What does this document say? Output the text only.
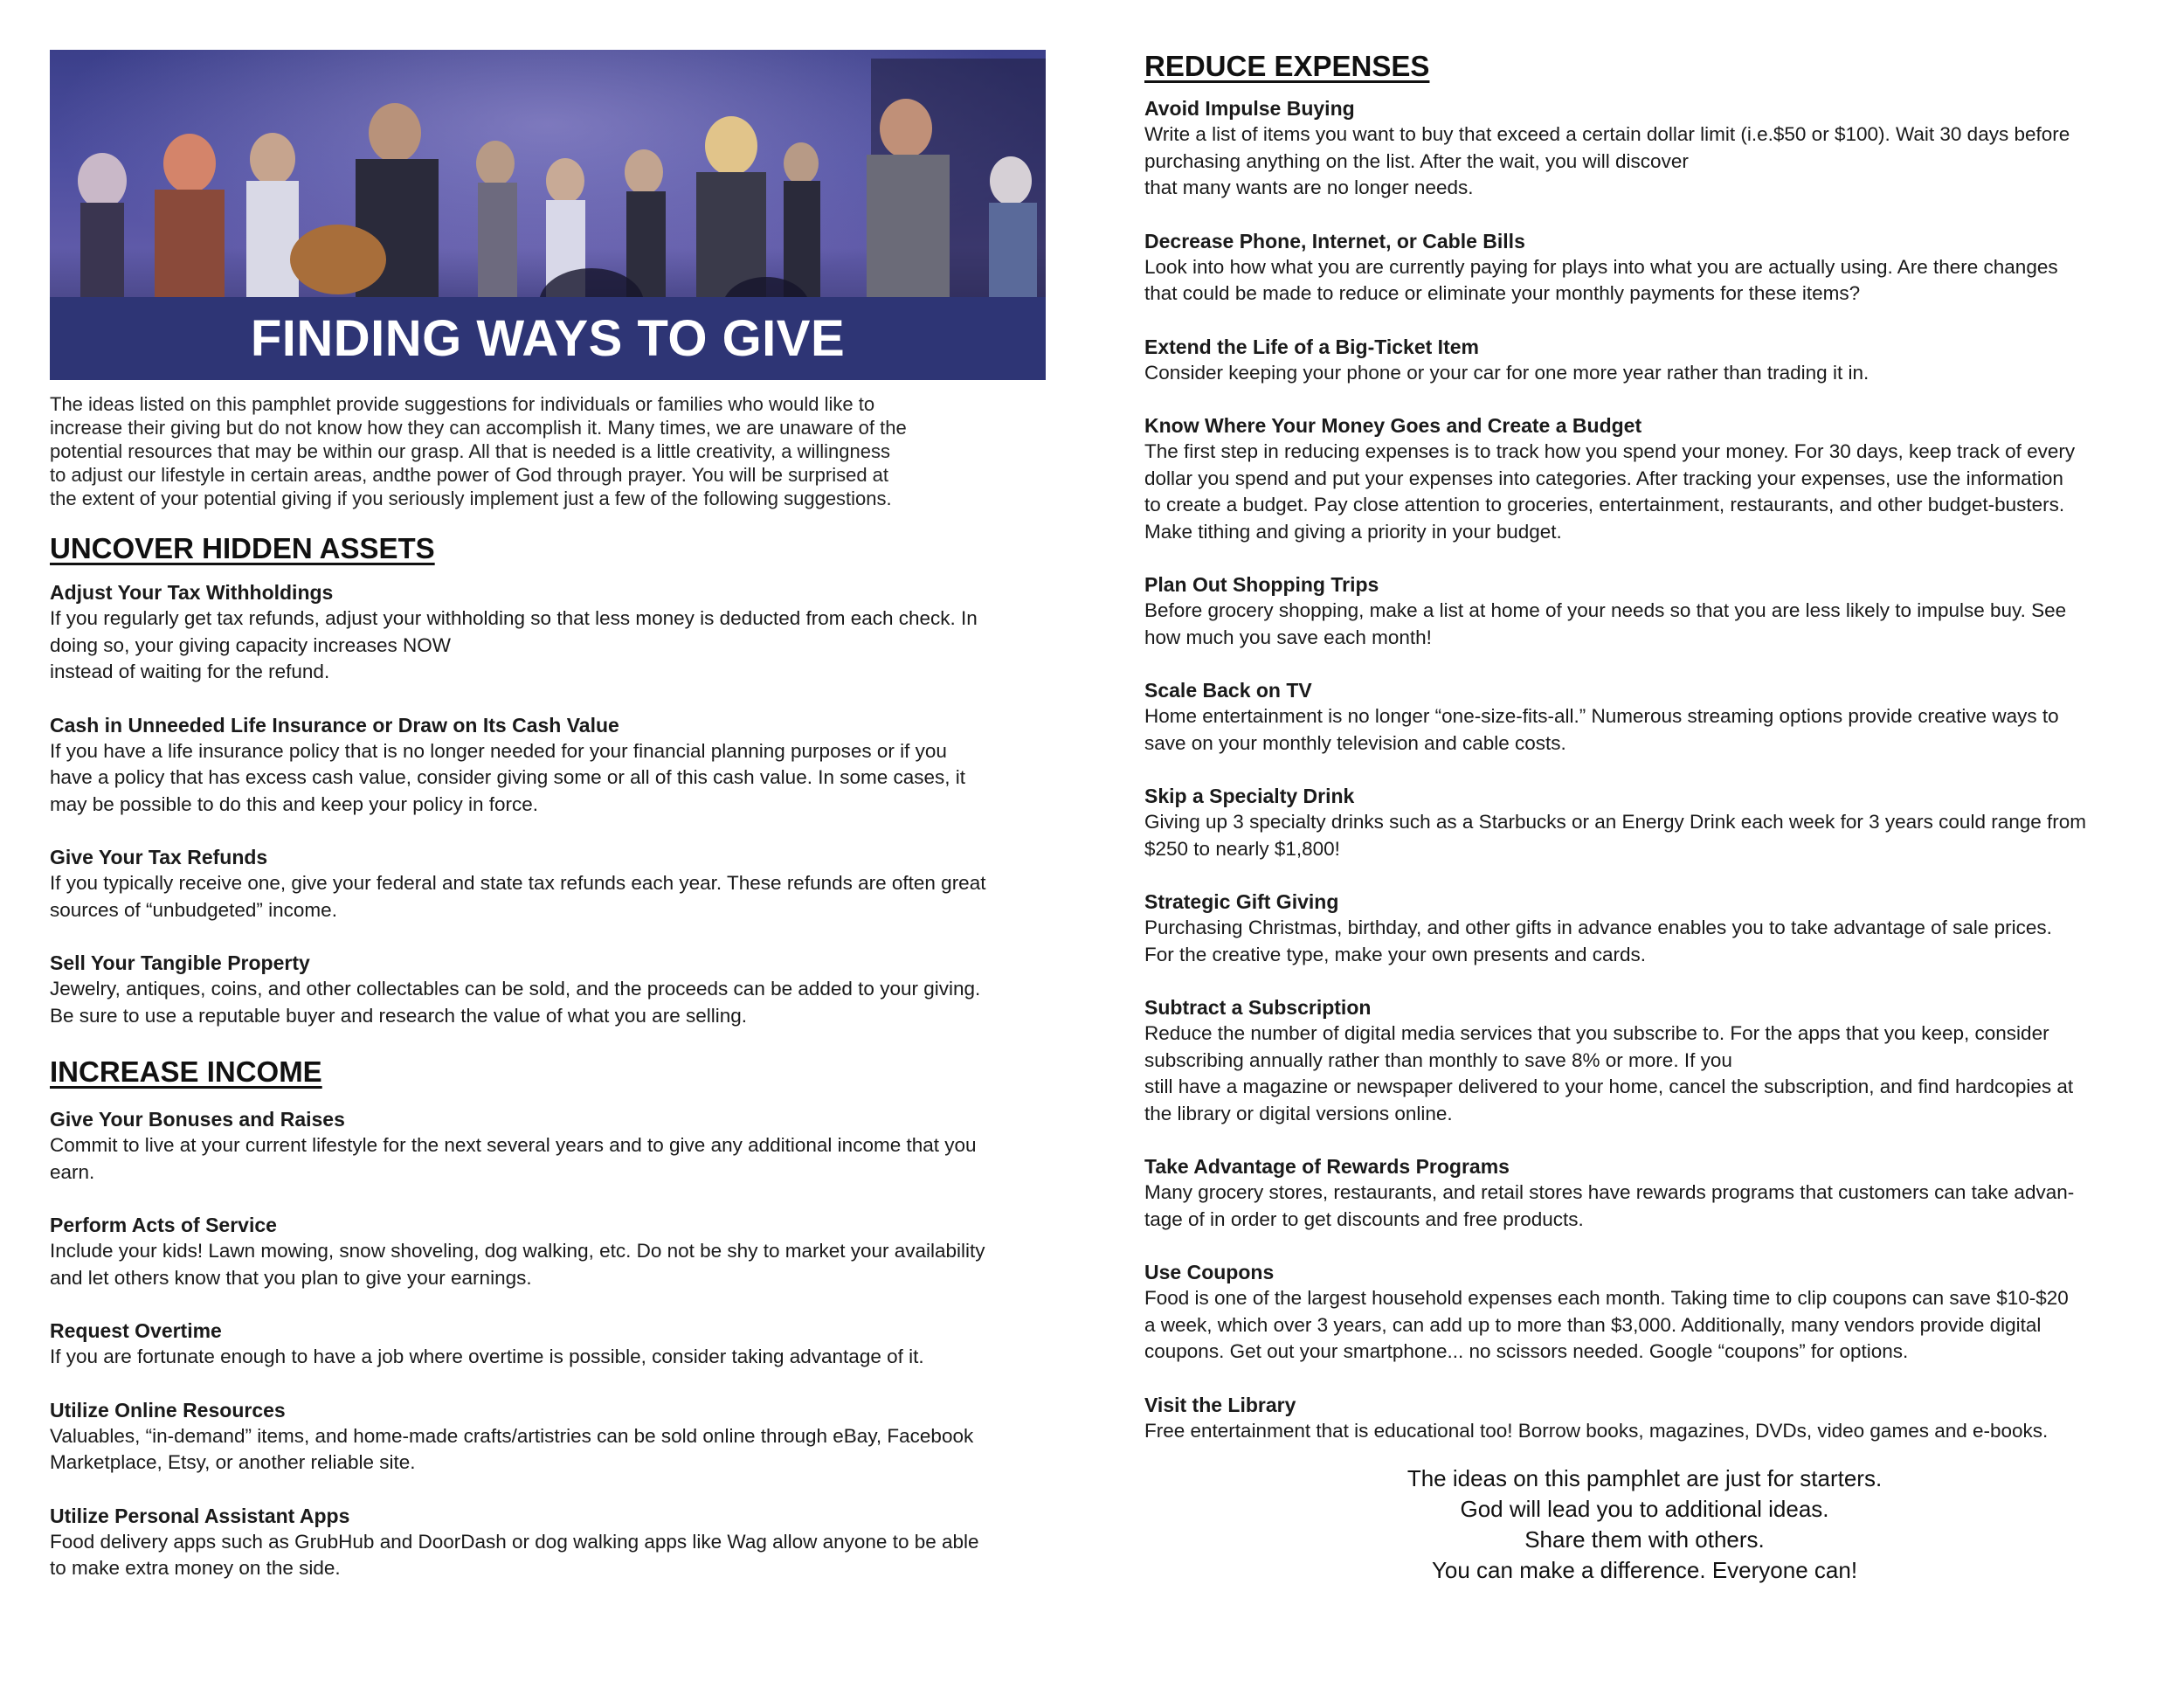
FINDING WAYS TO GIVE

The ideas listed on this pamphlet provide suggestions for individuals or families who would like to
increase their giving but do not know how they can accomplish it. Many times, we are unaware of the
potential resources that may be within our grasp. All that is needed is a little creativity, a willingness
to adjust our lifestyle in certain areas, andthe power of God through prayer. You will be surprised at
the extent of your potential giving if you seriously implement just a few of the following suggestions.

UNCOVER HIDDEN ASSETS

Adjust Your Tax Withholdings

If you regularly get tax refunds, adjust your withholding so that less money is deducted from each check. In
doing so, your giving capacity increases NOW
instead of waiting for the refund.

Cash in Unneeded Life Insurance or Draw on Its Cash Value

If you have a life insurance policy that is no longer needed for your financial planning purposes or if you
have a policy that has excess cash value, consider giving some or all of this cash value. In some cases, it
may be possible to do this and keep your policy in force.

Give Your Tax Refunds

If you typically receive one, give your federal and state tax refunds each year. These refunds are often great
sources of “unbudgeted” income.

Sell Your Tangible Property

Jewelry, antiques, coins, and other collectables can be sold, and the proceeds can be added to your giving.
Be sure to use a reputable buyer and research the value of what you are selling.

INCREASE INCOME

Give Your Bonuses and Raises

Commit to live at your current lifestyle for the next several years and to give any additional income that you
earn.

Perform Acts of Service

Include your kids! Lawn mowing, snow shoveling, dog walking, etc. Do not be shy to market your availability
and let others know that you plan to give your earnings.

Request Overtime

If you are fortunate enough to have a job where overtime is possible, consider taking advantage of it.

Utilize Online Resources

Valuables, “in-demand” items, and home-made crafts/artistries can be sold online through eBay, Facebook
Marketplace, Etsy, or another reliable site.

Utilize Personal Assistant Apps

Food delivery apps such as GrubHub and DoorDash or dog walking apps like Wag allow anyone to be able
to make extra money on the side.

REDUCE EXPENSES

Avoid Impulse Buying

Write a list of items you want to buy that exceed a certain dollar limit (i.e.$50 or $100). Wait 30 days before
purchasing anything on the list. After the wait, you will discover
that many wants are no longer needs.

Decrease Phone, Internet, or Cable Bills

Look into how what you are currently paying for plays into what you are actually using. Are there changes
that could be made to reduce or eliminate your monthly payments for these items?

Extend the Life of a Big-Ticket Item

Consider keeping your phone or your car for one more year rather than trading it in.

Know Where Your Money Goes and Create a Budget

The first step in reducing expenses is to track how you spend your money. For 30 days, keep track of every
dollar you spend and put your expenses into categories. After tracking your expenses, use the information
to create a budget. Pay close attention to groceries, entertainment, restaurants, and other budget-busters.
Make tithing and giving a priority in your budget.

Plan Out Shopping Trips

Before grocery shopping, make a list at home of your needs so that you are less likely to impulse buy. See
how much you save each month!

Scale Back on TV

Home entertainment is no longer “one-size-fits-all.” Numerous streaming options provide creative ways to
save on your monthly television and cable costs.

Skip a Specialty Drink

Giving up 3 specialty drinks such as a Starbucks or an Energy Drink each week for 3 years could range from
$250 to nearly $1,800!

Strategic Gift Giving

Purchasing Christmas, birthday, and other gifts in advance enables you to take advantage of sale prices.
For the creative type, make your own presents and cards.

Subtract a Subscription

Reduce the number of digital media services that you subscribe to. For the apps that you keep, consider
subscribing annually rather than monthly to save 8% or more. If you
still have a magazine or newspaper delivered to your home, cancel the subscription, and find hardcopies at
the library or digital versions online.

Take Advantage of Rewards Programs

Many grocery stores, restaurants, and retail stores have rewards programs that customers can take advan-
tage of in order to get discounts and free products.

Use Coupons

Food is one of the largest household expenses each month. Taking time to clip coupons can save $10-$20
a week, which over 3 years, can add up to more than $3,000. Additionally, many vendors provide digital
coupons. Get out your smartphone... no scissors needed. Google “coupons” for options.

Visit the Library

Free entertainment that is educational too! Borrow books, magazines, DVDs, video games and e-books.

The ideas on this pamphlet are just for starters.
God will lead you to additional ideas.
Share them with others.
You can make a difference. Everyone can!
